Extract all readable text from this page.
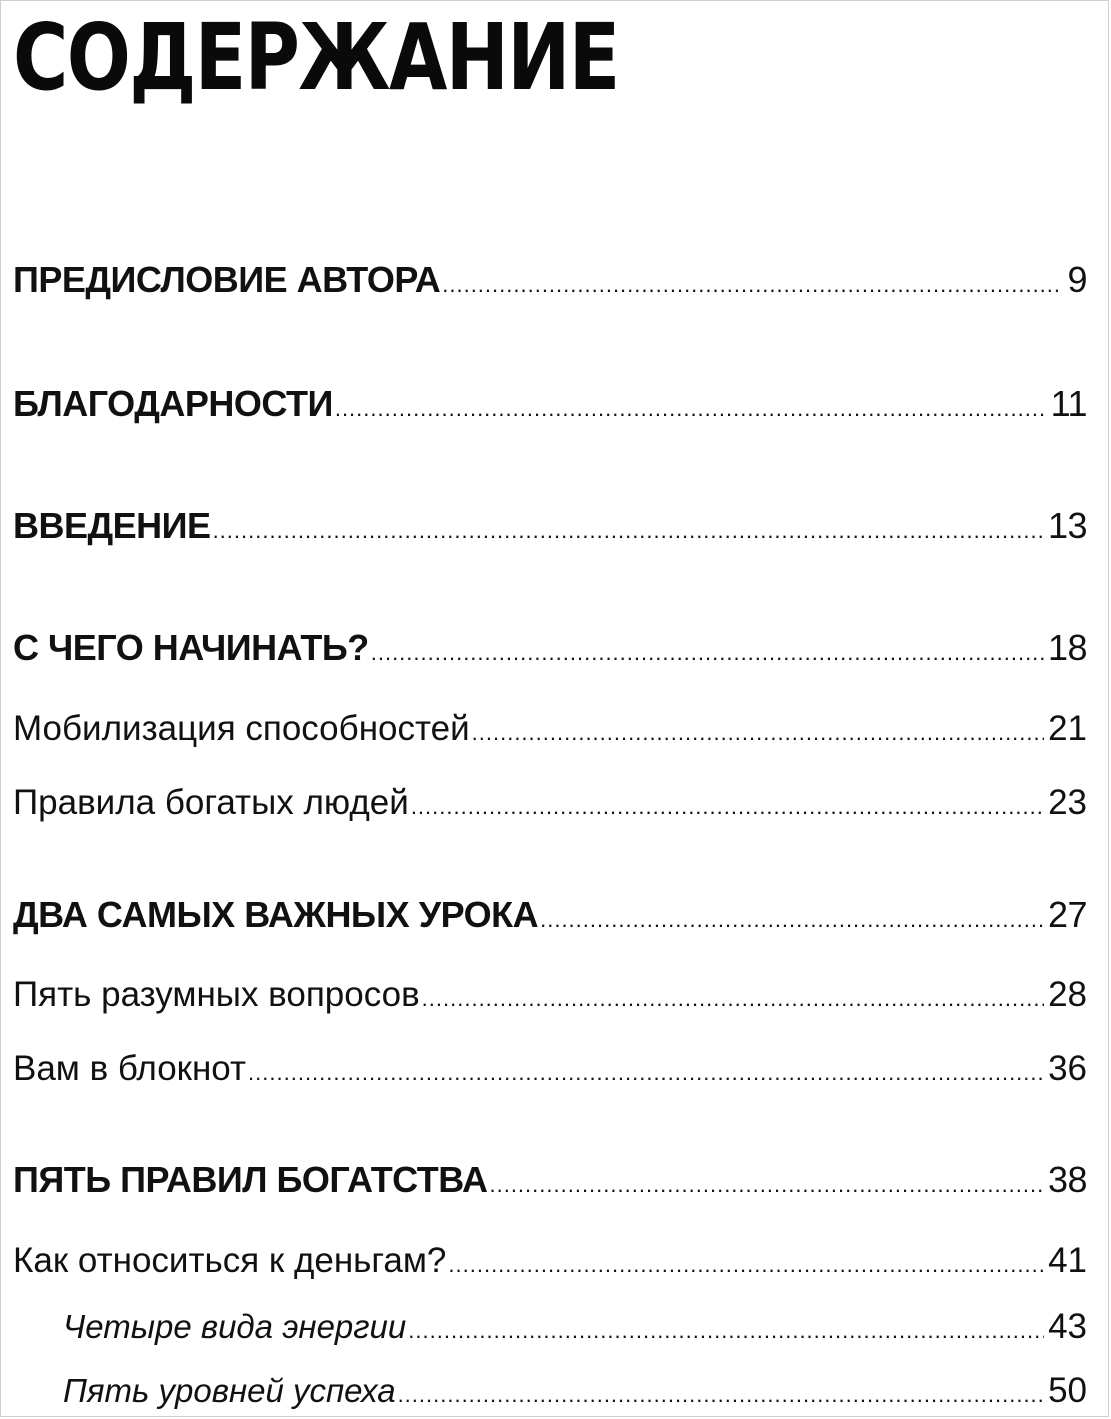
СОДЕРЖАНИЕ
ПРЕДИСЛОВИЕ АВТОРА .....	9
БЛАГОДАРНОСТИ .....	11
ВВЕДЕНИЕ .....	13
С ЧЕГО НАЧИНАТЬ? .....	18
Мобилизация способностей .....	21
Правила богатых людей .....	23
ДВА САМЫХ ВАЖНЫХ УРОКА .....	27
Пять разумных вопросов .....	28
Вам в блокнот .....	36
ПЯТЬ ПРАВИЛ БОГАТСТВА .....	38
Как относиться к деньгам? .....	41
Четыре вида энергии .....	43
Пять уровней успеха .....	50
